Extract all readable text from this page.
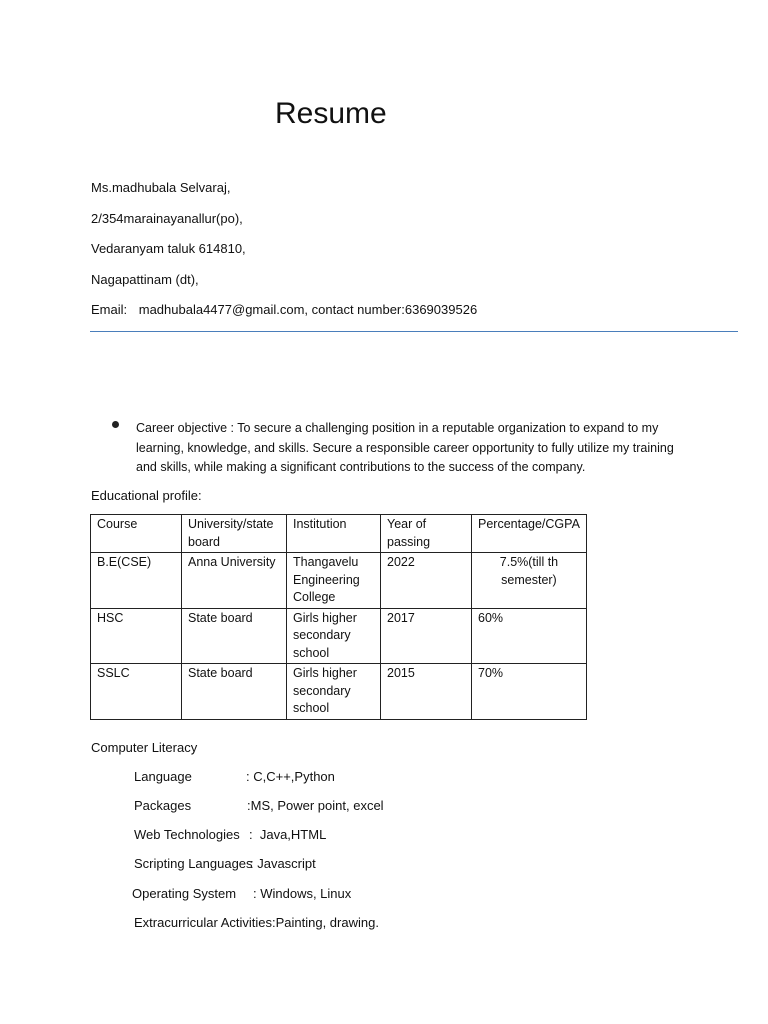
Resume
Ms.madhubala Selvaraj,
2/354marainayanallur(po),
Vedaranyam taluk 614810,
Nagapattinam (dt),
Email: madhubala4477@gmail.com, contact number:6369039526
Career objective : To secure a challenging position in a reputable organization to expand to my learning, knowledge, and skills. Secure a responsible career opportunity to fully utilize my training and skills, while making a significant contributions to the success of the company.
Educational profile:
Course	University/state board	Institution	Year of passing	Percentage/CGPA
B.E(CSE)	Anna University	Thangavelu Engineering College	2022	7.5%(till th semester)
HSC	State board	Girls higher secondary school	2017	60%
SSLC	State board	Girls higher secondary school	2015	70%
Computer Literacy
Language	: C,C++,Python
Packages	:MS, Power point, excel
Web Technologies :  Java,HTML
Scripting Languages
: Javascript
Operating System : Windows, Linux
Extracurricular Activities:Painting, drawing.
